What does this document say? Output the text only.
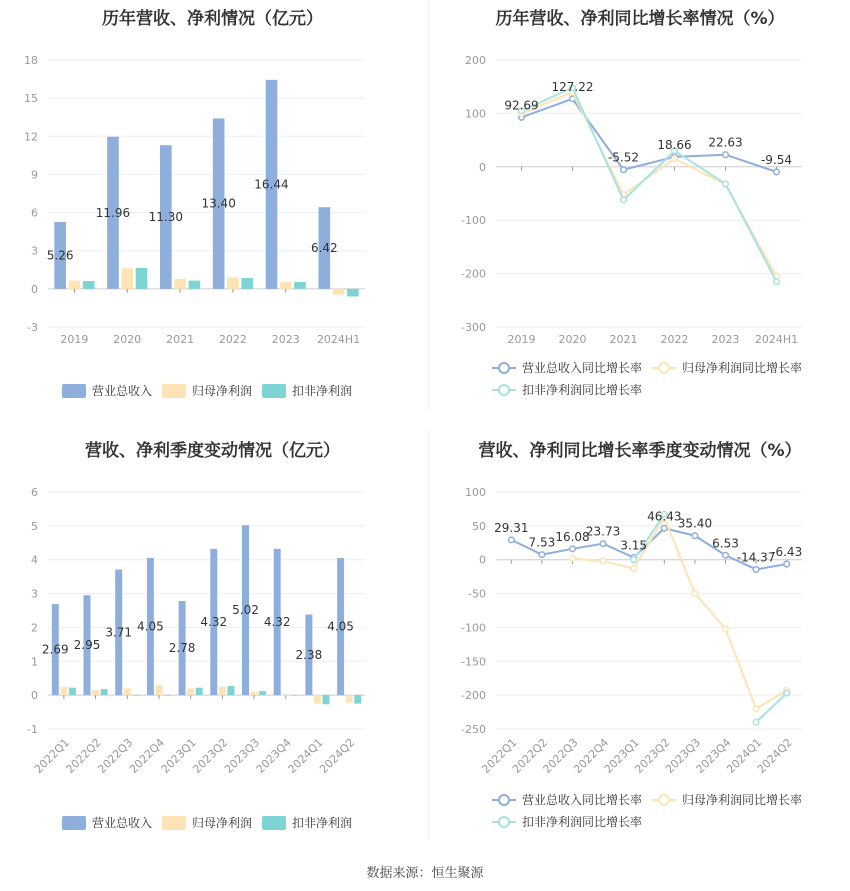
历年营收、净利情况（亿元）
-3
0
3
6
9
12
15
18
2019 2020 2021 2022 2023 2024H1
5.26
11.96 11.30
13.40
16.44
6.42
营业总收入	归母净利润	扣非净利润
历年营收、净利同比增长率情况（%）
-300
-200
-100
0
100
200
2019 2020 2021 2022 2023 2024H1
92.69
127.22
-5.52
18.66 22.63
-9.54
营业总收入同比增长率	归母净利润同比增长率
扣非净利润同比增长率
营收、净利季度变动情况（亿元）
-1
0
1
2
3
4
5
6
2022Q1
2022Q2
2022Q3
2022Q4
2023Q1
2023Q2
2023Q3
2023Q4
2024Q1
2024Q2
2.69 2.95
3.71 4.05
2.78
4.32
5.02
4.32
2.38
4.05
营业总收入	归母净利润	扣非净利润
营收、净利同比增长率季度变动情况（%）
-250
-200
-150
-100
-50
0
50
100
2022Q1
2022Q2
2022Q3
2022Q4
2023Q1
2023Q2
2023Q3
2023Q4
2024Q1
2024Q2
29.31
7.53 16.08
23.73
3.15
46.43
35.40
6.53
-14.37
-6.43
营业总收入同比增长率	归母净利润同比增长率
扣非净利润同比增长率
数据来源：恒生聚源
